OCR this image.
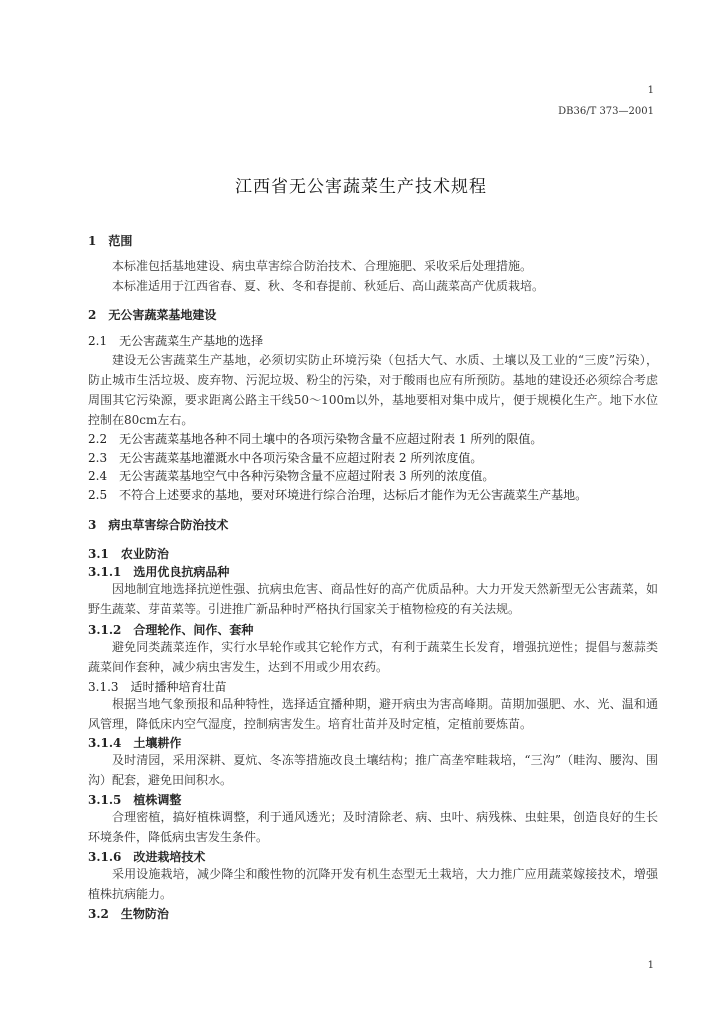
1
DB36/T 373—2001
江西省无公害蔬菜生产技术规程
1 范围
本标准包括基地建设、病虫草害综合防治技术、合理施肥、采收采后处理措施。
本标准适用于江西省春、夏、秋、冬和春提前、秋延后、高山蔬菜高产优质栽培。
2 无公害蔬菜基地建设
2.1 无公害蔬菜生产基地的选择
建设无公害蔬菜生产基地，必须切实防止环境污染（包括大气、水质、土壤以及工业的“三废”污染），防止城市生活垃圾、废弃物、污泥垃圾、粉尘的污染，对于酸雨也应有所预防。基地的建设还必须综合考虑周围其它污染源，要求距离公路主干线50～100m以外，基地要相对集中成片，便于规模化生产。地下水位控制在80cm左右。
2.2 无公害蔬菜基地各种不同土壤中的各项污染物含量不应超过附表 1 所列的限值。
2.3 无公害蔬菜基地灌溉水中各项污染含量不应超过附表 2 所列浓度值。
2.4 无公害蔬菜基地空气中各种污染物含量不应超过附表 3 所列的浓度值。
2.5 不符合上述要求的基地，要对环境进行综合治理，达标后才能作为无公害蔬菜生产基地。
3 病虫草害综合防治技术
3.1 农业防治
3.1.1 选用优良抗病品种
因地制宜地选择抗逆性强、抗病虫危害、商品性好的高产优质品种。大力开发天然新型无公害蔬菜，如野生蔬菜、芽苗菜等。引进推广新品种时严格执行国家关于植物检疫的有关法规。
3.1.2 合理轮作、间作、套种
避免同类蔬菜连作，实行水旱轮作或其它轮作方式，有利于蔬菜生长发育，增强抗逆性；提倡与葱蒜类蔬菜间作套种，减少病虫害发生，达到不用或少用农药。
3.1.3 适时播种培育壮苗
根据当地气象预报和品种特性，选择适宜播种期，避开病虫为害高峰期。苗期加强肥、水、光、温和通风管理，降低床内空气湿度，控制病害发生。培育壮苗并及时定植，定植前要炼苗。
3.1.4 土壤耕作
及时清园，采用深耕、夏炕、冬冻等措施改良土壤结构；推广高垄窄畦栽培，“三沟”（畦沟、腰沟、围沟）配套，避免田间积水。
3.1.5 植株调整
合理密植，搞好植株调整，利于通风透光；及时清除老、病、虫叶、病残株、虫蛀果，创造良好的生长环境条件，降低病虫害发生条件。
3.1.6 改进栽培技术
采用设施栽培，减少降尘和酸性物的沉降开发有机生态型无土栽培，大力推广应用蔬菜嫁接技术，增强植株抗病能力。
3.2 生物防治
1
